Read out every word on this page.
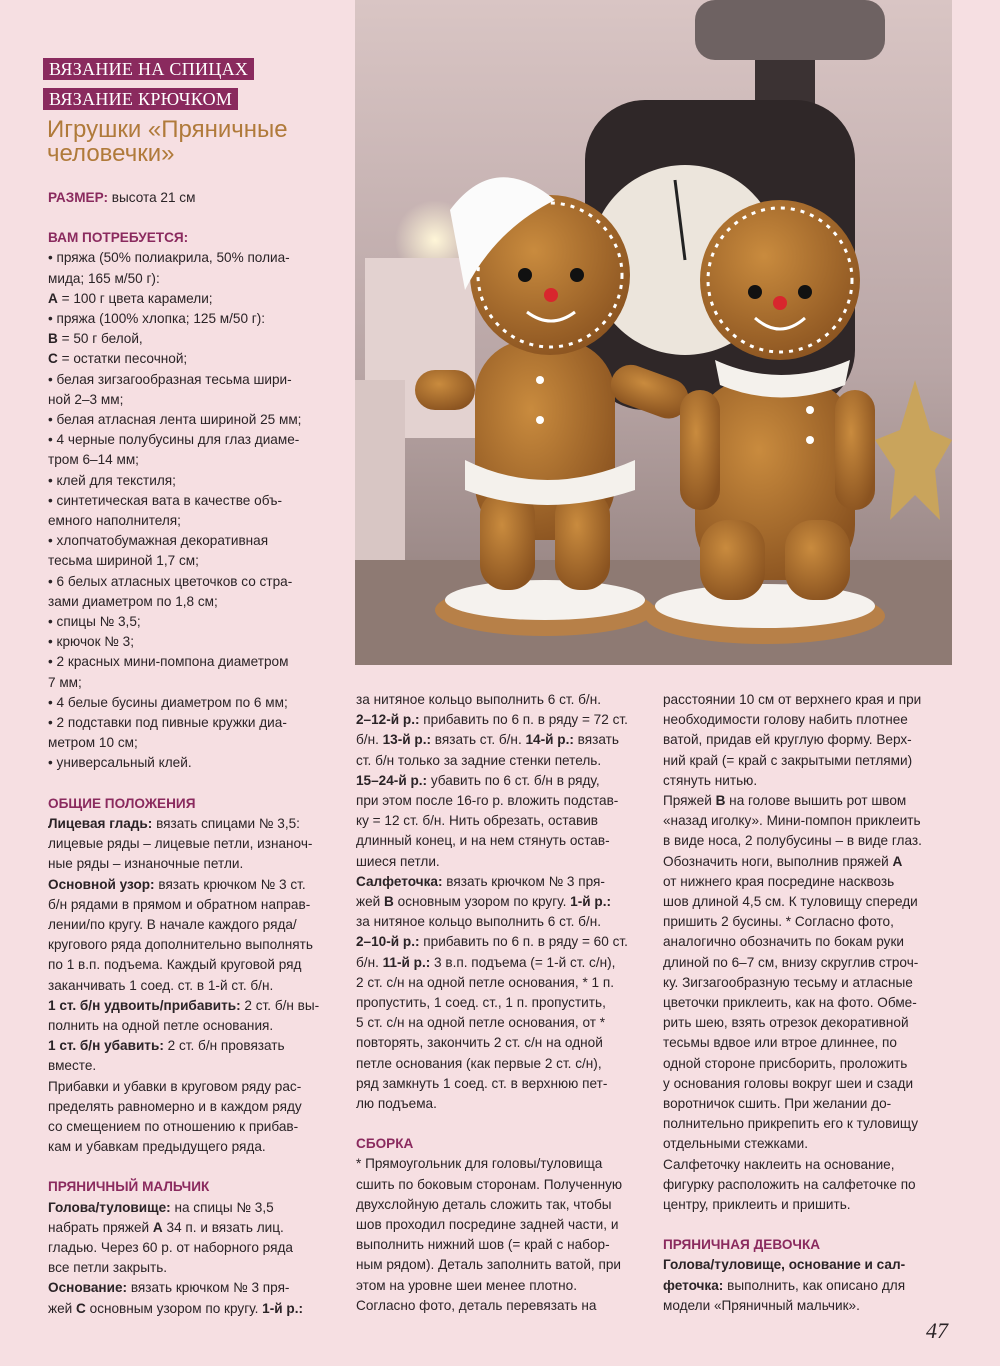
ВЯЗАНИЕ НА СПИЦАХ
ВЯЗАНИЕ КРЮЧКОМ
Игрушки «Пряничные
человечки»

РАЗМЕР: высота 21 см

ВАМ ПОТРЕБУЕТСЯ:

• пряжа (50% полиакрила, 50% полиа-

мида; 165 м/50 г):

А = 100 г цвета карамели;

• пряжа (100% хлопка; 125 м/50 г):

В = 50 г белой,

С = остатки песочной;

• белая зигзагообразная тесьма шири-

ной 2–3 мм;

• белая атласная лента шириной 25 мм;

• 4 черные полубусины для глаз диаме-

тром 6–14 мм;

• клей для текстиля;

• синтетическая вата в качестве объ-

емного наполнителя;

• хлопчатобумажная декоративная

тесьма шириной 1,7 см;

• 6 белых атласных цветочков со стра-

зами диаметром по 1,8 см;

• спицы № 3,5;

• крючок № 3;

• 2 красных мини-помпона диаметром

7 мм;

• 4 белые бусины диаметром по 6 мм;

• 2 подставки под пивные кружки диа-

метром 10 см;

• универсальный клей.

ОБЩИЕ ПОЛОЖЕНИЯ

Лицевая гладь: вязать спицами № 3,5:

лицевые ряды – лицевые петли, изнаноч-

ные ряды – изнаночные петли.

Основной узор: вязать крючком № 3 ст.

б/н рядами в прямом и обратном направ-

лении/по кругу. В начале каждого ряда/

кругового ряда дополнительно выполнять

по 1 в.п. подъема. Каждый круговой ряд

заканчивать 1 соед. ст. в 1-й ст. б/н.

1 ст. б/н удвоить/прибавить: 2 ст. б/н вы-

полнить на одной петле основания.

1 ст. б/н убавить: 2 ст. б/н провязать

вместе.

Прибавки и убавки в круговом ряду рас-

пределять равномерно и в каждом ряду

со смещением по отношению к прибав-

кам и убавкам предыдущего ряда.

ПРЯНИЧНЫЙ МАЛЬЧИК

Голова/туловище: на спицы № 3,5

набрать пряжей А 34 п. и вязать лиц.

гладью. Через 60 р. от наборного ряда

все петли закрыть.

Основание: вязать крючком № 3 пря-

жей С основным узором по кругу. 1-й р.:

за нитяное кольцо выполнить 6 ст. б/н.

2–12-й р.: прибавить по 6 п. в ряду = 72 ст.

б/н. 13-й р.: вязать ст. б/н. 14-й р.: вязать

ст. б/н только за задние стенки петель.

15–24-й р.: убавить по 6 ст. б/н в ряду,

при этом после 16-го р. вложить подстав-

ку = 12 ст. б/н. Нить обрезать, оставив

длинный конец, и на нем стянуть остав-

шиеся петли.

Салфеточка: вязать крючком № 3 пря-

жей В основным узором по кругу. 1-й р.:

за нитяное кольцо выполнить 6 ст. б/н.

2–10-й р.: прибавить по 6 п. в ряду = 60 ст.

б/н. 11-й р.: 3 в.п. подъема (= 1-й ст. с/н),

2 ст. с/н на одной петле основания, * 1 п.

пропустить, 1 соед. ст., 1 п. пропустить,

5 ст. с/н на одной петле основания, от *

повторять, закончить 2 ст. с/н на одной

петле основания (как первые 2 ст. с/н),

ряд замкнуть 1 соед. ст. в верхнюю пет-

лю подъема.

СБОРКА

* Прямоугольник для головы/туловища

сшить по боковым сторонам. Полученную

двухслойную деталь сложить так, чтобы

шов проходил посредине задней части, и

выполнить нижний шов (= край с набор-

ным рядом). Деталь заполнить ватой, при

этом на уровне шеи менее плотно.

Согласно фото, деталь перевязать на

расстоянии 10 см от верхнего края и при

необходимости голову набить плотнее

ватой, придав ей круглую форму. Верх-

ний край (= край с закрытыми петлями)

стянуть нитью.

Пряжей В на голове вышить рот швом

«назад иголку». Мини-помпон приклеить

в виде носа, 2 полубусины – в виде глаз.

Обозначить ноги, выполнив пряжей А

от нижнего края посредине насквозь

шов длиной 4,5 см. К туловищу спереди

пришить 2 бусины. * Согласно фото,

аналогично обозначить по бокам руки

длиной по 6–7 см, внизу скруглив строч-

ку. Зигзагообразную тесьму и атласные

цветочки приклеить, как на фото. Обме-

рить шею, взять отрезок декоративной

тесьмы вдвое или втрое длиннее, по

одной стороне присборить, проложить

у основания головы вокруг шеи и сзади

воротничок сшить. При желании до-

полнительно прикрепить его к туловищу

отдельными стежками.

Салфеточку наклеить на основание,

фигурку расположить на салфеточке по

центру, приклеить и пришить.

ПРЯНИЧНАЯ ДЕВОЧКА

Голова/туловище, основание и сал-

феточка: выполнить, как описано для

модели «Пряничный мальчик».

47
